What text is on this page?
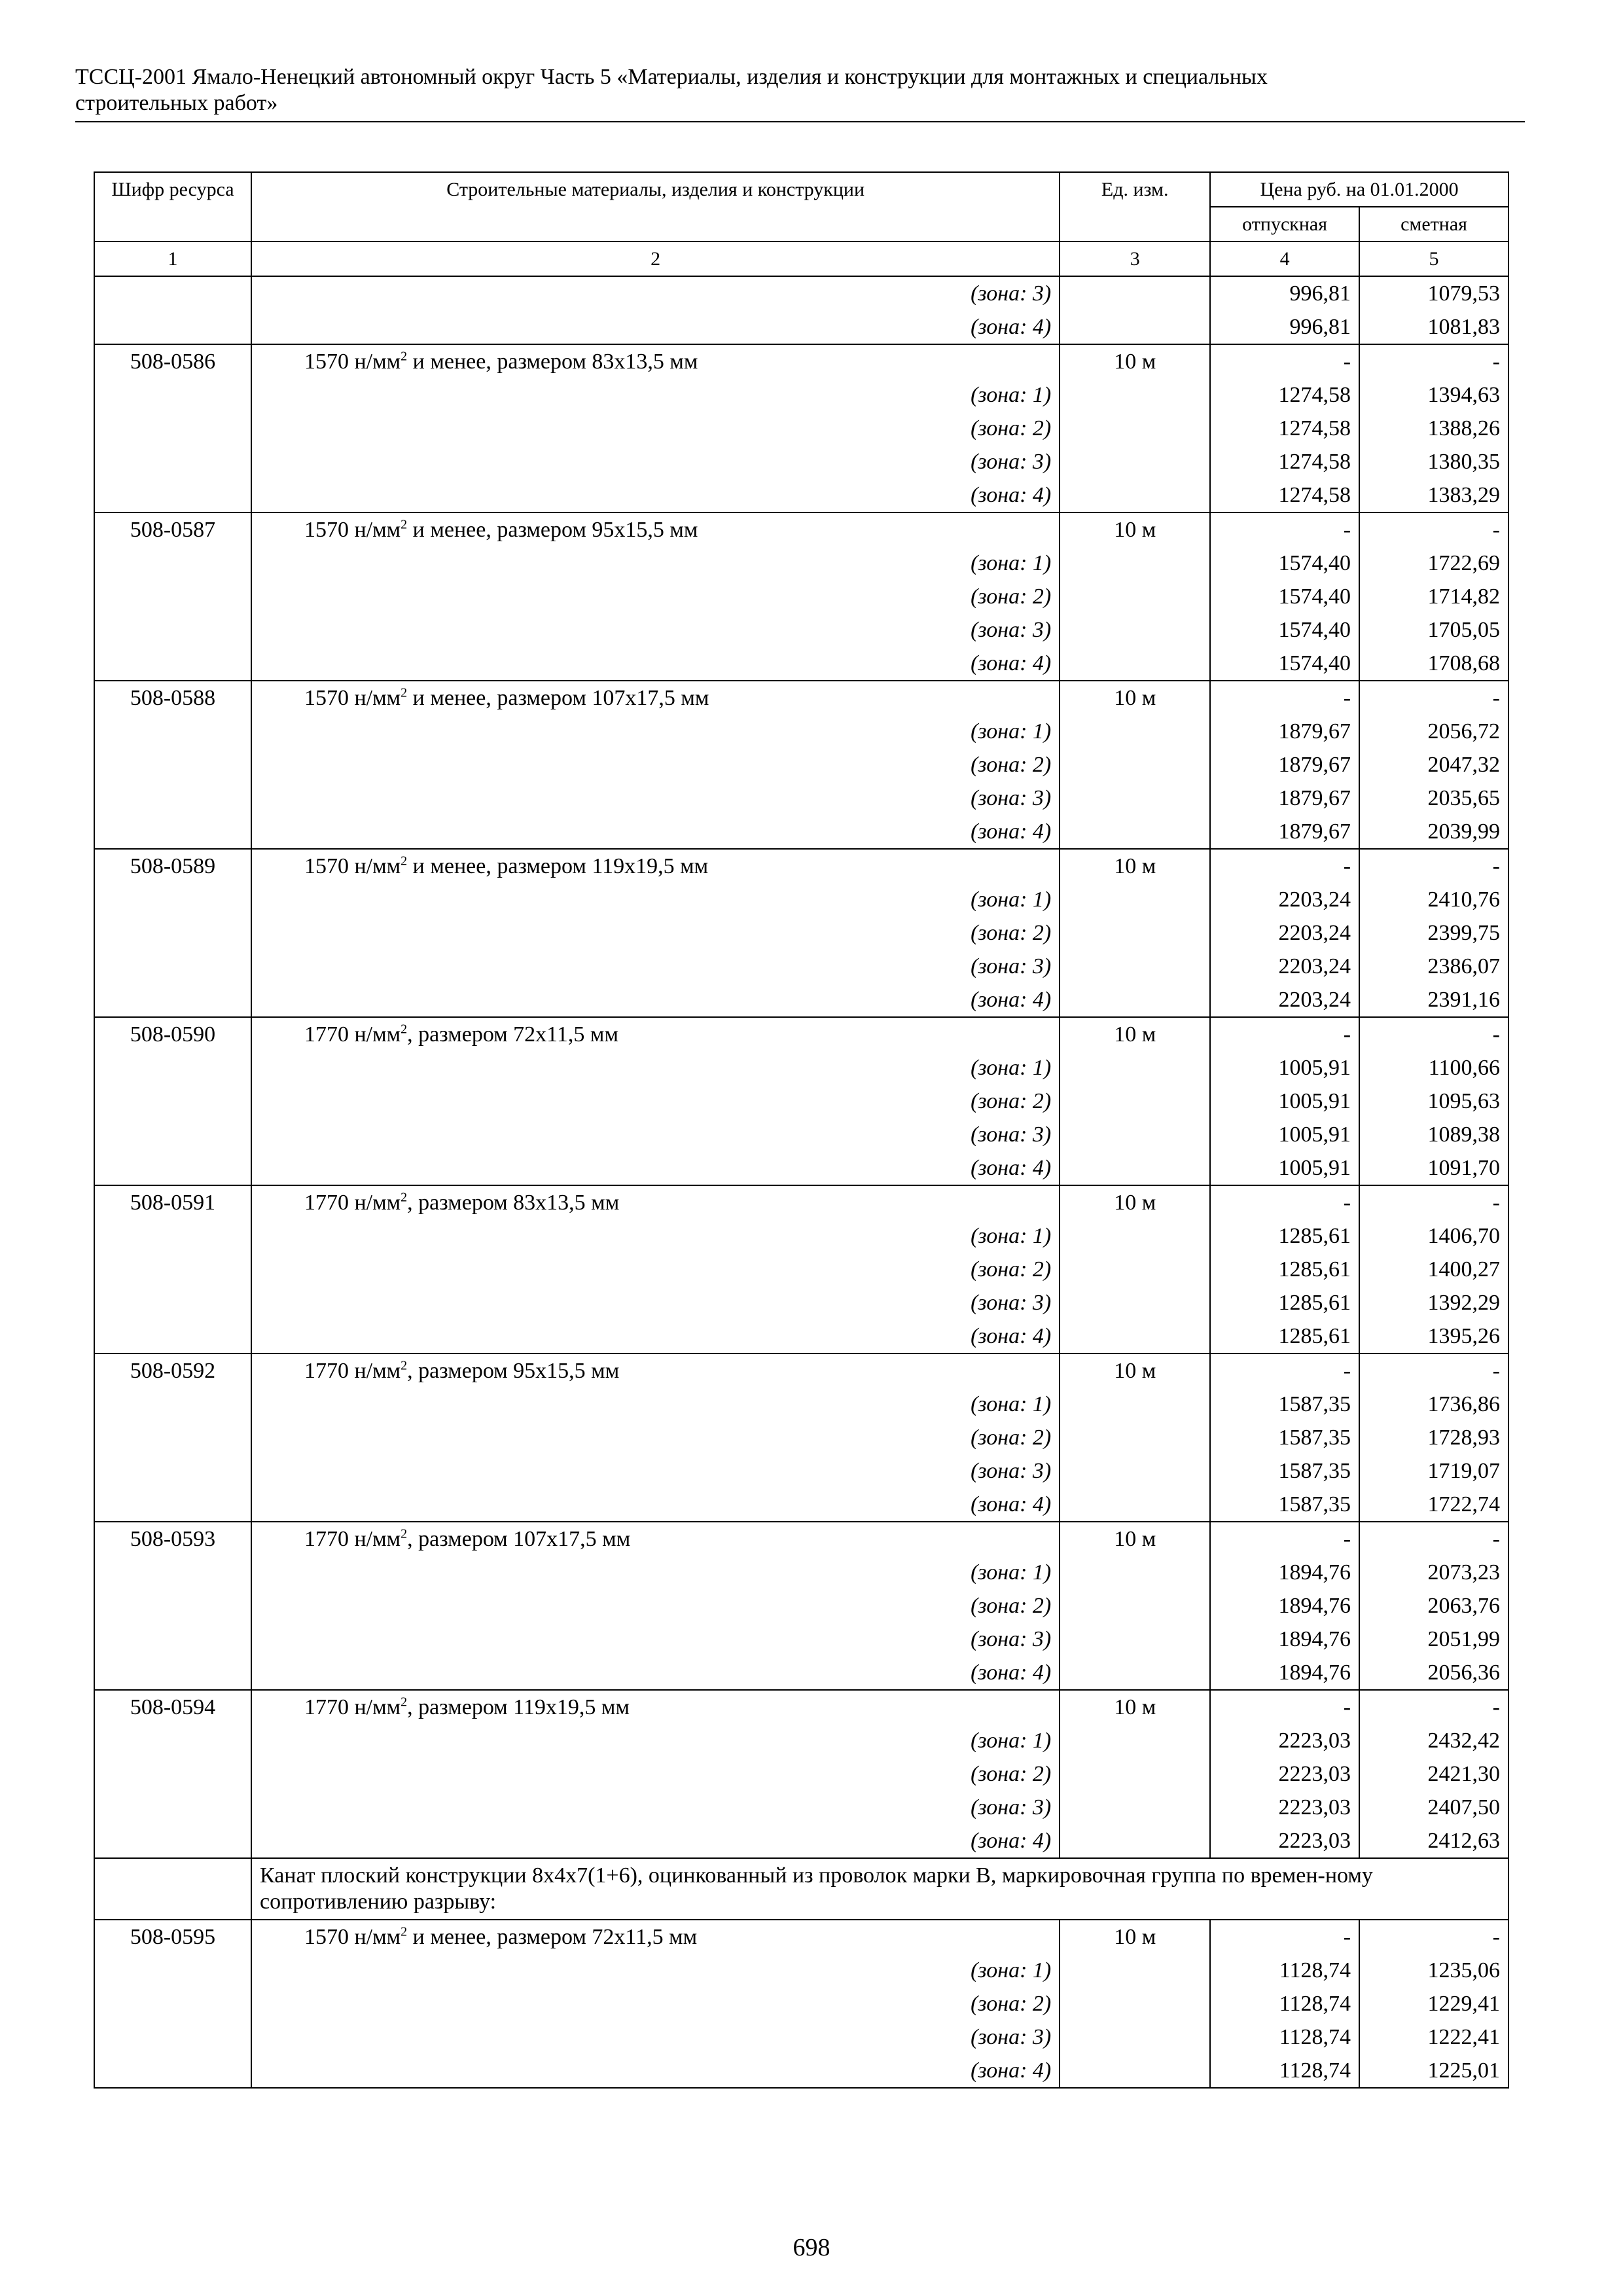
ТССЦ-2001 Ямало-Ненецкий автономный округ Часть 5 «Материалы, изделия и конструкции для монтажных и специальных
строительных работ»
Шифр ресурса	Строительные материалы, изделия и конструкции	Ед. изм.	Цена руб. на 01.01.2000	
			отпускная	сметная
1	2	3	4	5
	(зона: 3)		996,81	1079,53
	(зона: 4)		996,81	1081,83
508-0586	1570 $н/мм^2$ и менее, размером 83х13,5 мм	10 м	-	-
	(зона: 1)		1274,58	1394,63
	(зона: 2)		1274,58	1388,26
	(зона: 3)		1274,58	1380,35
	(зона: 4)		1274,58	1383,29
508-0587	1570 $н/мм^2$ и менее, размером 95х15,5 мм	10 м	-	-
	(зона: 1)		1574,40	1722,69
	(зона: 2)		1574,40	1714,82
	(зона: 3)		1574,40	1705,05
	(зона: 4)		1574,40	1708,68
508-0588	1570 $н/мм^2$ и менее, размером 107х17,5 мм	10 м	-	-
	(зона: 1)		1879,67	2056,72
	(зона: 2)		1879,67	2047,32
	(зона: 3)		1879,67	2035,65
	(зона: 4)		1879,67	2039,99
508-0589	1570 $н/мм^2$ и менее, размером 119х19,5 мм	10 м	-	-
	(зона: 1)		2203,24	2410,76
	(зона: 2)		2203,24	2399,75
	(зона: 3)		2203,24	2386,07
	(зона: 4)		2203,24	2391,16
508-0590	1770 $н/мм^2$, размером 72х11,5 мм	10 м	-	-
	(зона: 1)		1005,91	1100,66
	(зона: 2)		1005,91	1095,63
	(зона: 3)		1005,91	1089,38
	(зона: 4)		1005,91	1091,70
508-0591	1770 $н/мм^2$, размером 83х13,5 мм	10 м	-	-
	(зона: 1)		1285,61	1406,70
	(зона: 2)		1285,61	1400,27
	(зона: 3)		1285,61	1392,29
	(зона: 4)		1285,61	1395,26
508-0592	1770 $н/мм^2$, размером 95х15,5 мм	10 м	-	-
	(зона: 1)		1587,35	1736,86
	(зона: 2)		1587,35	1728,93
	(зона: 3)		1587,35	1719,07
	(зона: 4)		1587,35	1722,74
508-0593	1770 $н/мм^2$, размером 107х17,5 мм	10 м	-	-
	(зона: 1)		1894,76	2073,23
	(зона: 2)		1894,76	2063,76
	(зона: 3)		1894,76	2051,99
	(зона: 4)		1894,76	2056,36
508-0594	1770 $н/мм^2$, размером 119х19,5 мм	10 м	-	-
	(зона: 1)		2223,03	2432,42
	(зона: 2)		2223,03	2421,30
	(зона: 3)		2223,03	2407,50
	(зона: 4)		2223,03	2412,63
	Канат плоский конструкции 8х4х7(1+6), оцинкованный из проволок марки В, маркировочная группа по времен-ному сопротивлению разрыву:			
508-0595	1570 $н/мм^2$ и менее, размером 72х11,5 мм	10 м	-	-
	(зона: 1)		1128,74	1235,06
	(зона: 2)		1128,74	1229,41
	(зона: 3)		1128,74	1222,41
	(зона: 4)		1128,74	1225,01
698
